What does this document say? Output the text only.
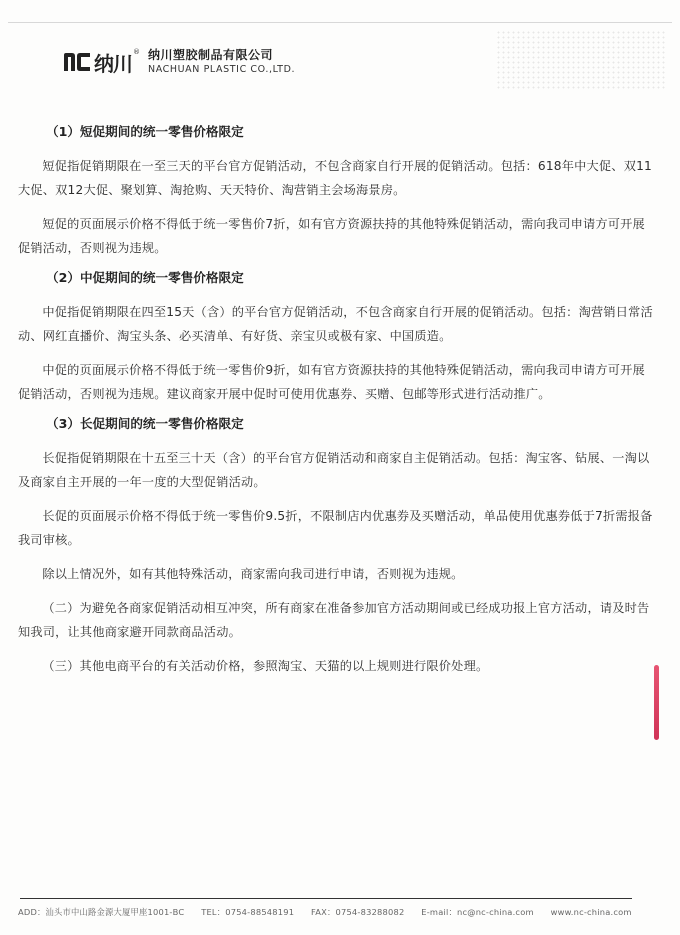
纳川 ® 纳川塑胶制品有限公司
NACHUAN PLASTIC CO.,LTD.
（1）短促期间的统一零售价格限定

短促指促销期限在一至三天的平台官方促销活动，不包含商家自行开展的促销活动。包括：618年中大促、双11大促、双12大促、聚划算、淘抢购、天天特价、淘营销主会场海景房。

短促的页面展示价格不得低于统一零售价7折，如有官方资源扶持的其他特殊促销活动，需向我司申请方可开展促销活动，否则视为违规。

（2）中促期间的统一零售价格限定

中促指促销期限在四至15天（含）的平台官方促销活动，不包含商家自行开展的促销活动。包括：淘营销日常活动、网红直播价、淘宝头条、必买清单、有好货、亲宝贝或极有家、中国质造。

中促的页面展示价格不得低于统一零售价9折，如有官方资源扶持的其他特殊促销活动，需向我司申请方可开展促销活动，否则视为违规。建议商家开展中促时可使用优惠券、买赠、包邮等形式进行活动推广。

（3）长促期间的统一零售价格限定

长促指促销期限在十五至三十天（含）的平台官方促销活动和商家自主促销活动。包括：淘宝客、钻展、一淘以及商家自主开展的一年一度的大型促销活动。

长促的页面展示价格不得低于统一零售价9.5折，不限制店内优惠券及买赠活动，单品使用优惠券低于7折需报备我司审核。

除以上情况外，如有其他特殊活动，商家需向我司进行申请，否则视为违规。

（二）为避免各商家促销活动相互冲突，所有商家在准备参加官方活动期间或已经成功报上官方活动，请及时告知我司，让其他商家避开同款商品活动。

（三）其他电商平台的有关活动价格，参照淘宝、天猫的以上规则进行限价处理。

ADD：汕头市中山路金源大厦甲座1001-BC TEL：0754-88548191 FAX：0754-83288082 E-mail：nc@nc-china.com www.nc-china.com
